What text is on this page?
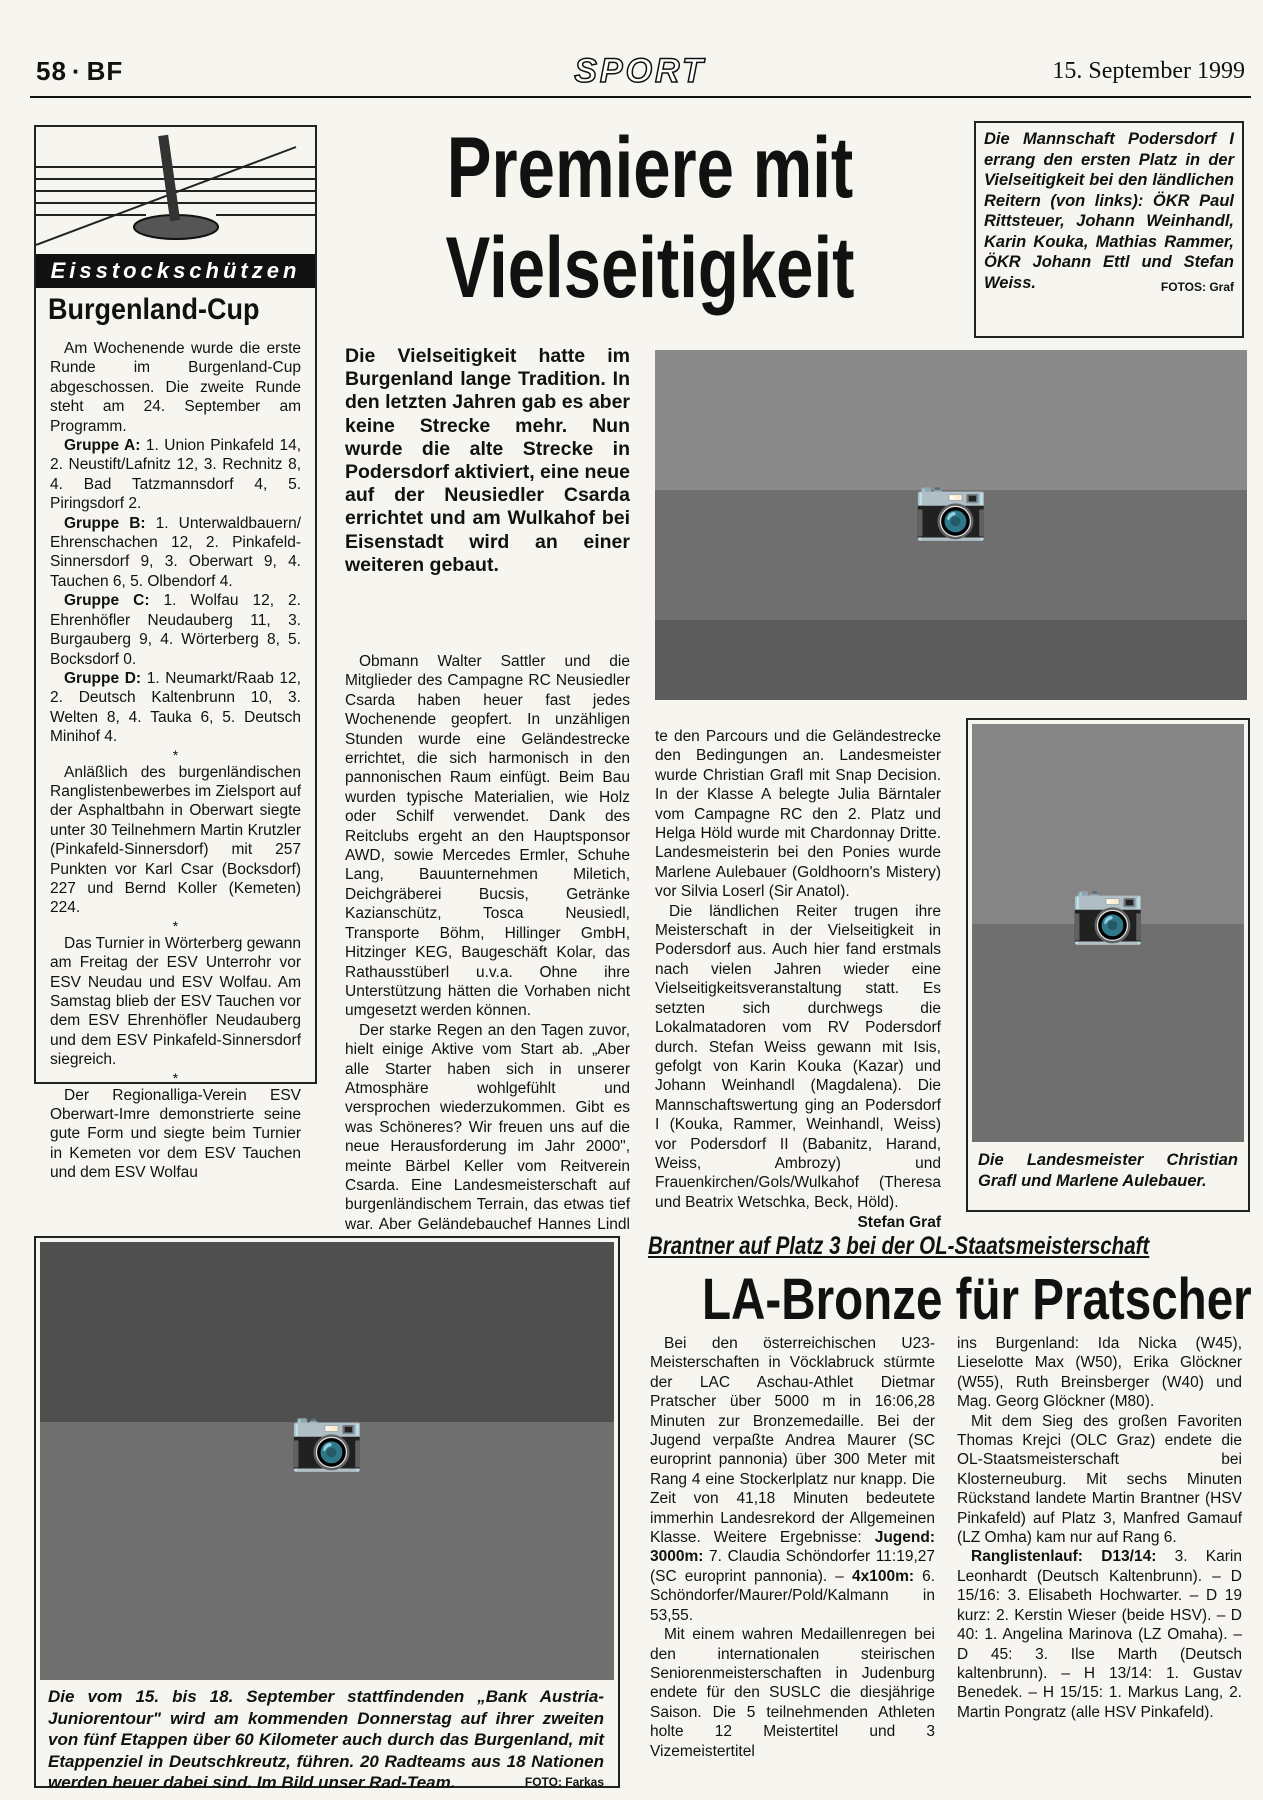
58 · BF	SPORT	15. September 1999
Eisstockschützen
Burgenland-Cup

Am Wochenende wurde die erste Runde im Burgenland-Cup abgeschossen. Die zweite Runde steht am 24. September am Programm.

Gruppe A: 1. Union Pinkafeld 14, 2. Neustift/Lafnitz 12, 3. Rechnitz 8, 4. Bad Tatzmannsdorf 4, 5. Piringsdorf 2.

Gruppe B: 1. Unterwaldbauern/ Ehrenschachen 12, 2. Pinkafeld-Sinnersdorf 9, 3. Oberwart 9, 4. Tauchen 6, 5. Olbendorf 4.

Gruppe C: 1. Wolfau 12, 2. Ehrenhöfler Neudauberg 11, 3. Burgauberg 9, 4. Wörterberg 8, 5. Bocksdorf 0.

Gruppe D: 1. Neumarkt/Raab 12, 2. Deutsch Kaltenbrunn 10, 3. Welten 8, 4. Tauka 6, 5. Deutsch Minihof 4.

*

Anläßlich des burgenländischen Ranglistenbewerbes im Zielsport auf der Asphaltbahn in Oberwart siegte unter 30 Teilnehmern Martin Krutzler (Pinkafeld-Sinnersdorf) mit 257 Punkten vor Karl Csar (Bocksdorf) 227 und Bernd Koller (Kemeten) 224.

*

Das Turnier in Wörterberg gewann am Freitag der ESV Unterrohr vor ESV Neudau und ESV Wolfau. Am Samstag blieb der ESV Tauchen vor dem ESV Ehrenhöfler Neudauberg und dem ESV Pinkafeld-Sinnersdorf siegreich.

*

Der Regionalliga-Verein ESV Oberwart-Imre demonstrierte seine gute Form und siegte beim Turnier in Kemeten vor dem ESV Tauchen und dem ESV Wolfau

Premiere mit
Vielseitigkeit

Die Mannschaft Podersdorf I errang den ersten Platz in der Vielseitigkeit bei den ländlichen Reitern (von links): ÖKR Paul Rittsteuer, Johann Weinhandl, Karin Kouka, Mathias Rammer, ÖKR Johann Ettl und Stefan Weiss.	FOTOS: Graf

Die Vielseitigkeit hatte im Burgenland lange Tradition. In den letzten Jahren gab es aber keine Strecke mehr. Nun wurde die alte Strecke in Podersdorf aktiviert, eine neue auf der Neusiedler Csarda errichtet und am Wulkahof bei Eisenstadt wird an einer weiteren gebaut.

📷

Obmann Walter Sattler und die Mitglieder des Campagne RC Neusiedler Csarda haben heuer fast jedes Wochenende geopfert. In unzähligen Stunden wurde eine Geländestrecke errichtet, die sich harmonisch in den pannonischen Raum einfügt. Beim Bau wurden typische Materialien, wie Holz oder Schilf verwendet. Dank des Reitclubs ergeht an den Hauptsponsor AWD, sowie Mercedes Ermler, Schuhe Lang, Bauunternehmen Miletich, Deichgräberei Bucsis, Getränke Kazianschütz, Tosca Neusiedl, Transporte Böhm, Hillinger GmbH, Hitzinger KEG, Baugeschäft Kolar, das Rathausstüberl u.v.a. Ohne ihre Unterstützung hätten die Vorhaben nicht umgesetzt werden können.

Der starke Regen an den Tagen zuvor, hielt einige Aktive vom Start ab. „Aber alle Starter haben sich in unserer Atmosphäre wohlgefühlt und versprochen wiederzukommen. Gibt es was Schöneres? Wir freuen uns auf die neue Herausforderung im Jahr 2000", meinte Bärbel Keller vom Reitverein Csarda. Eine Landesmeisterschaft auf burgenländischem Terrain, das etwas tief war. Aber Geländebauchef Hannes Lindl

te den Parcours und die Geländestrecke den Bedingungen an. Landesmeister wurde Christian Grafl mit Snap Decision. In der Klasse A belegte Julia Bärntaler vom Campagne RC den 2. Platz und Helga Höld wurde mit Chardonnay Dritte. Landesmeisterin bei den Ponies wurde Marlene Aulebauer (Goldhoorn's Mistery) vor Silvia Loserl (Sir Anatol).

Die ländlichen Reiter trugen ihre Meisterschaft in der Vielseitigkeit in Podersdorf aus. Auch hier fand erstmals nach vielen Jahren wieder eine Vielseitigkeitsveranstaltung statt. Es setzten sich durchwegs die Lokalmatadoren vom RV Podersdorf durch. Stefan Weiss gewann mit Isis, gefolgt von Karin Kouka (Kazar) und Johann Weinhandl (Magdalena). Die Mannschaftswertung ging an Podersdorf I (Kouka, Rammer, Weinhandl, Weiss) vor Podersdorf II (Babanitz, Harand, Weiss, Ambrozy) und Frauenkirchen/Gols/Wulkahof (Theresa und Beatrix Wetschka, Beck, Höld).

Stefan Graf
📷

Die Landesmeister Christian Grafl und Marlene Aulebauer.

📷

Die vom 15. bis 18. September stattfindenden „Bank Austria-Juniorentour" wird am kommenden Donnerstag auf ihrer zweiten von fünf Etappen über 60 Kilometer auch durch das Burgenland, mit Etappenziel in Deutschkreutz, führen. 20 Radteams aus 18 Nationen werden heuer dabei sind. Im Bild unser Rad-Team.	FOTO: Farkas

Brantner auf Platz 3 bei der OL-Staatsmeisterschaft
LA-Bronze für Pratscher

Bei den österreichischen U23-Meisterschaften in Vöcklabruck stürmte der LAC Aschau-Athlet Dietmar Pratscher über 5000 m in 16:06,28 Minuten zur Bronzemedaille. Bei der Jugend verpaßte Andrea Maurer (SC europrint pannonia) über 300 Meter mit Rang 4 eine Stockerlplatz nur knapp. Die Zeit von 41,18 Minuten bedeutete immerhin Landesrekord der Allgemeinen Klasse. Weitere Ergebnisse: Jugend: 3000m: 7. Claudia Schöndorfer 11:19,27 (SC europrint pannonia). – 4x100m: 6. Schöndorfer/Maurer/Pold/Kalmann in 53,55.

Mit einem wahren Medaillenregen bei den internationalen steirischen Seniorenmeisterschaften in Judenburg endete für den SUSLC die diesjährige Saison. Die 5 teilnehmenden Athleten holte 12 Meistertitel und 3 Vizemeistertitel

ins Burgenland: Ida Nicka (W45), Lieselotte Max (W50), Erika Glöckner (W55), Ruth Breinsberger (W40) und Mag. Georg Glöckner (M80).

Mit dem Sieg des großen Favoriten Thomas Krejci (OLC Graz) endete die OL-Staatsmeisterschaft bei Klosterneuburg. Mit sechs Minuten Rückstand landete Martin Brantner (HSV Pinkafeld) auf Platz 3, Manfred Gamauf (LZ Omha) kam nur auf Rang 6.

Ranglistenlauf: D13/14: 3. Karin Leonhardt (Deutsch Kaltenbrunn). – D 15/16: 3. Elisabeth Hochwarter. – D 19 kurz: 2. Kerstin Wieser (beide HSV). – D 40: 1. Angelina Marinova (LZ Omaha). – D 45: 3. Ilse Marth (Deutsch kaltenbrunn). – H 13/14: 1. Gustav Benedek. – H 15/15: 1. Markus Lang, 2. Martin Pongratz (alle HSV Pinkafeld).
